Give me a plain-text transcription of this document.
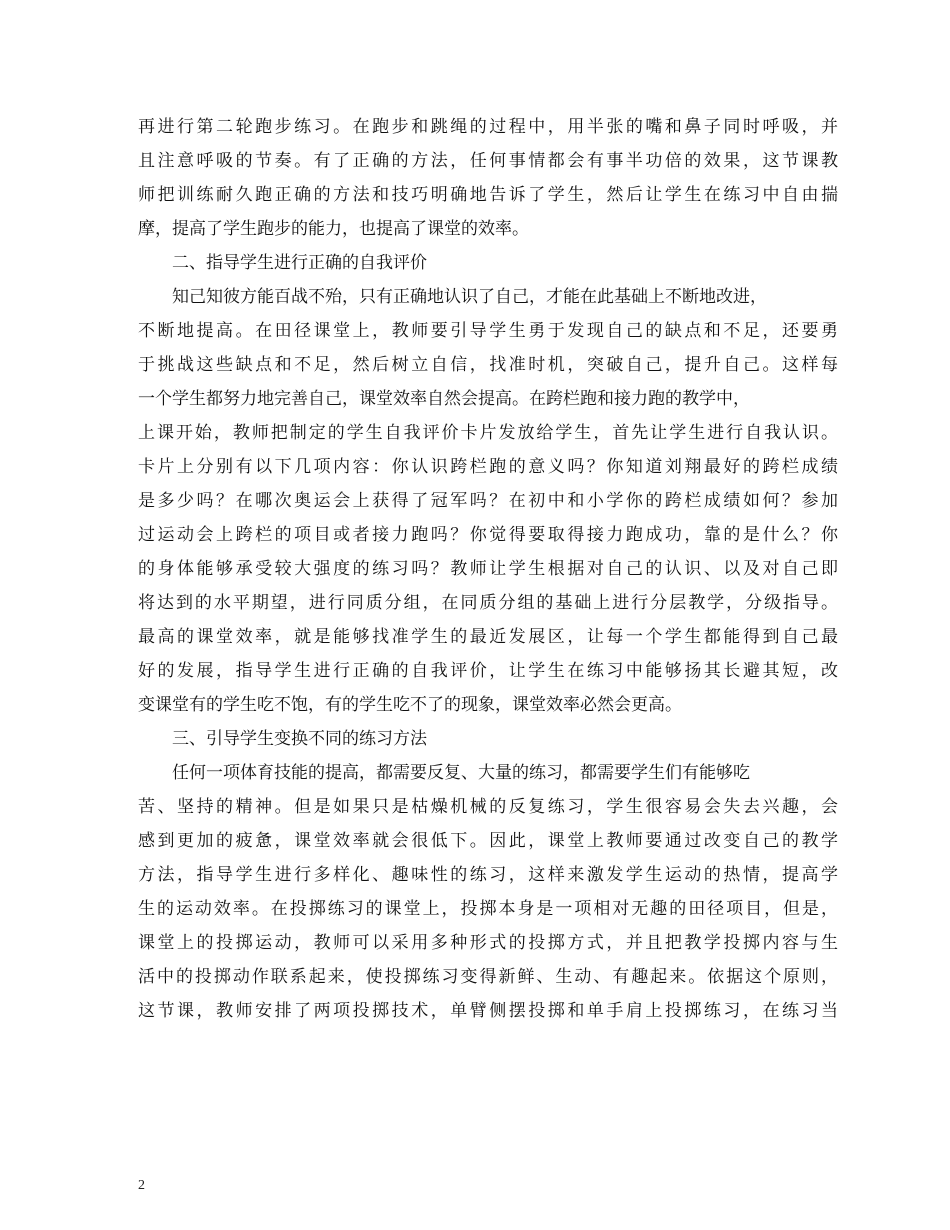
再进行第二轮跑步练习。在跑步和跳绳的过程中，用半张的嘴和鼻子同时呼吸，并
且注意呼吸的节奏。有了正确的方法，任何事情都会有事半功倍的效果，这节课教
师把训练耐久跑正确的方法和技巧明确地告诉了学生，然后让学生在练习中自由揣
摩，提高了学生跑步的能力，也提高了课堂的效率。
二、指导学生进行正确的自我评价
知己知彼方能百战不殆，只有正确地认识了自己，才能在此基础上不断地改进，
不断地提高。在田径课堂上，教师要引导学生勇于发现自己的缺点和不足，还要勇
于挑战这些缺点和不足，然后树立自信，找准时机，突破自己，提升自己。这样每
一个学生都努力地完善自己，课堂效率自然会提高。在跨栏跑和接力跑的教学中，
上课开始，教师把制定的学生自我评价卡片发放给学生，首先让学生进行自我认识。
卡片上分别有以下几项内容：你认识跨栏跑的意义吗？你知道刘翔最好的跨栏成绩
是多少吗？在哪次奥运会上获得了冠军吗？在初中和小学你的跨栏成绩如何？参加
过运动会上跨栏的项目或者接力跑吗？你觉得要取得接力跑成功，靠的是什么？你
的身体能够承受较大强度的练习吗？教师让学生根据对自己的认识、以及对自己即
将达到的水平期望，进行同质分组，在同质分组的基础上进行分层教学，分级指导。
最高的课堂效率，就是能够找准学生的最近发展区，让每一个学生都能得到自己最
好的发展，指导学生进行正确的自我评价，让学生在练习中能够扬其长避其短，改
变课堂有的学生吃不饱，有的学生吃不了的现象，课堂效率必然会更高。
三、引导学生变换不同的练习方法
任何一项体育技能的提高，都需要反复、大量的练习，都需要学生们有能够吃
苦、坚持的精神。但是如果只是枯燥机械的反复练习，学生很容易会失去兴趣，会
感到更加的疲惫，课堂效率就会很低下。因此，课堂上教师要通过改变自己的教学
方法，指导学生进行多样化、趣味性的练习，这样来激发学生运动的热情，提高学
生的运动效率。在投掷练习的课堂上，投掷本身是一项相对无趣的田径项目，但是，
课堂上的投掷运动，教师可以采用多种形式的投掷方式，并且把教学投掷内容与生
活中的投掷动作联系起来，使投掷练习变得新鲜、生动、有趣起来。依据这个原则，
这节课，教师安排了两项投掷技术，单臂侧摆投掷和单手肩上投掷练习，在练习当
2
